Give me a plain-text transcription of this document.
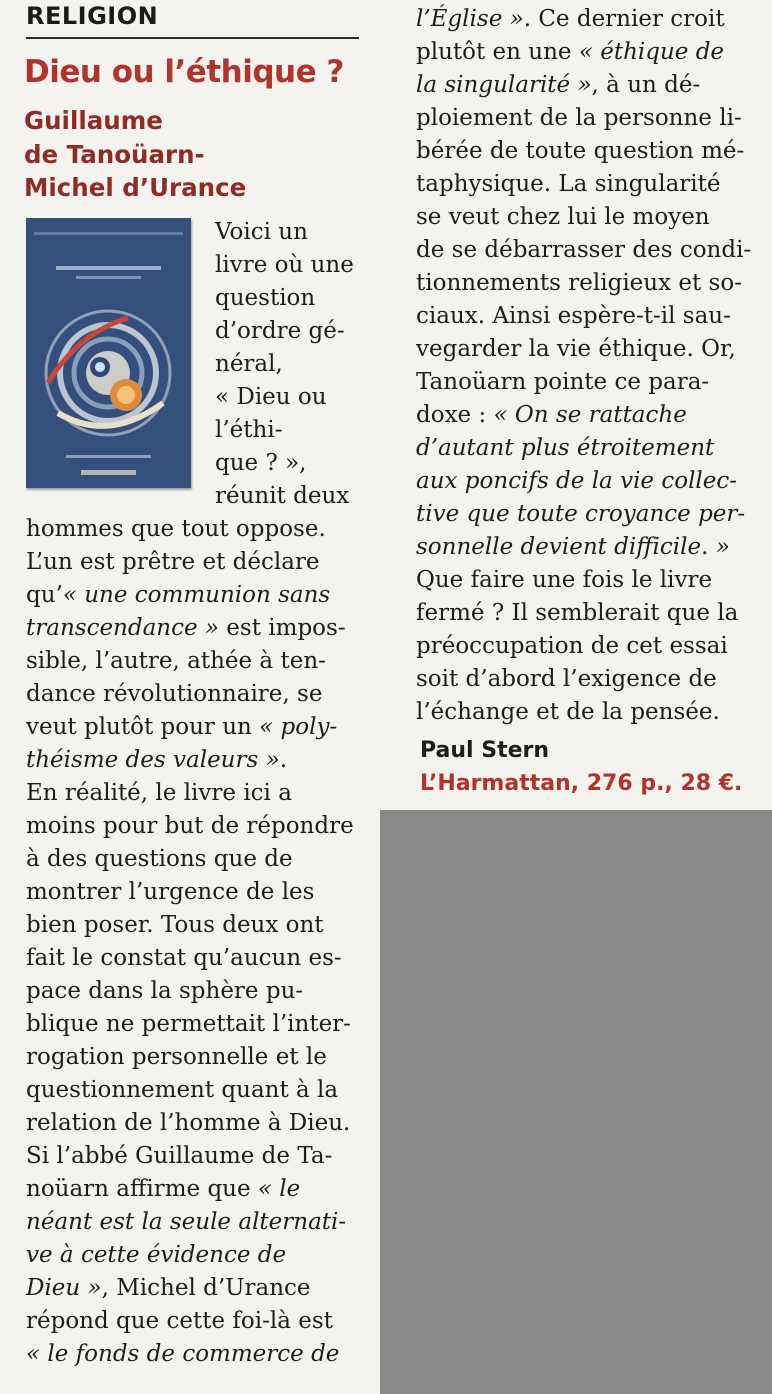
RELIGION
Dieu ou l’éthique ?
Guillaume
de Tanoüarn-
Michel d’Urance
Voici un
livre où une
question
d’ordre gé-
néral,
« Dieu ou
l’éthi-
que ? »,
réunit deux
hommes que tout oppose.
L’un est prêtre et déclare
qu’« une communion sans
transcendance » est impos-
sible, l’autre, athée à ten-
dance révolutionnaire, se
veut plutôt pour un « poly-
théisme des valeurs ».
En réalité, le livre ici a
moins pour but de répondre
à des questions que de
montrer l’urgence de les
bien poser. Tous deux ont
fait le constat qu’aucun es-
pace dans la sphère pu-
blique ne permettait l’inter-
rogation personnelle et le
questionnement quant à la
relation de l’homme à Dieu.
Si l’abbé Guillaume de Ta-
noüarn affirme que « le
néant est la seule alternati-
ve à cette évidence de
Dieu », Michel d’Urance
répond que cette foi-là est
« le fonds de commerce de
l’Église ». Ce dernier croit
plutôt en une « éthique de
la singularité », à un dé-
ploiement de la personne li-
bérée de toute question mé-
taphysique. La singularité
se veut chez lui le moyen
de se débarrasser des condi-
tionnements religieux et so-
ciaux. Ainsi espère-t-il sau-
vegarder la vie éthique. Or,
Tanoüarn pointe ce para-
doxe : « On se rattache
d’autant plus étroitement
aux poncifs de la vie collec-
tive que toute croyance per-
sonnelle devient difficile. »
Que faire une fois le livre
fermé ? Il semblerait que la
préoccupation de cet essai
soit d’abord l’exigence de
l’échange et de la pensée.
Paul Stern
L’Harmattan, 276 p., 28 €.
